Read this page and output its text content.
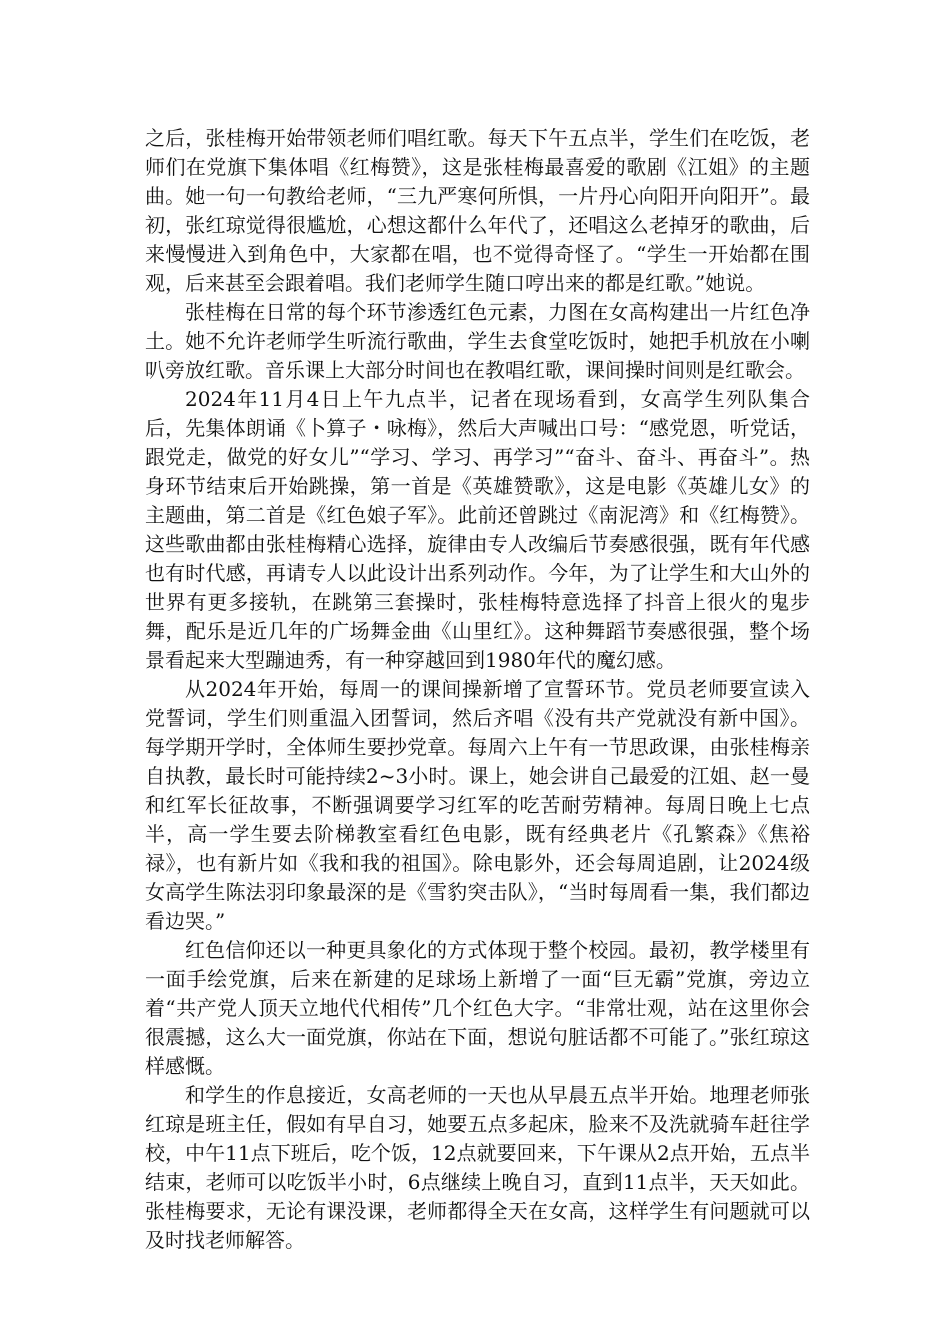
之后，张桂梅开始带领老师们唱红歌。每天下午五点半，学生们在吃饭，老师们在党旗下集体唱《红梅赞》，这是张桂梅最喜爱的歌剧《江姐》的主题曲。她一句一句教给老师，“三九严寒何所惧，一片丹心向阳开向阳开”。最初，张红琼觉得很尴尬，心想这都什么年代了，还唱这么老掉牙的歌曲，后来慢慢进入到角色中，大家都在唱，也不觉得奇怪了。“学生一开始都在围观，后来甚至会跟着唱。我们老师学生随口哼出来的都是红歌。”她说。

张桂梅在日常的每个环节渗透红色元素，力图在女高构建出一片红色净土。她不允许老师学生听流行歌曲，学生去食堂吃饭时，她把手机放在小喇叭旁放红歌。音乐课上大部分时间也在教唱红歌，课间操时间则是红歌会。

2024年11月4日上午九点半，记者在现场看到，女高学生列队集合后，先集体朗诵《卜算子・咏梅》，然后大声喊出口号：“感党恩，听党话，跟党走，做党的好女儿”“学习、学习、再学习”“奋斗、奋斗、再奋斗”。热身环节结束后开始跳操，第一首是《英雄赞歌》，这是电影《英雄儿女》的主题曲，第二首是《红色娘子军》。此前还曾跳过《南泥湾》和《红梅赞》。这些歌曲都由张桂梅精心选择，旋律由专人改编后节奏感很强，既有年代感也有时代感，再请专人以此设计出系列动作。今年，为了让学生和大山外的世界有更多接轨，在跳第三套操时，张桂梅特意选择了抖音上很火的鬼步舞，配乐是近几年的广场舞金曲《山里红》。这种舞蹈节奏感很强，整个场景看起来大型蹦迪秀，有一种穿越回到1980年代的魔幻感。

从2024年开始，每周一的课间操新增了宣誓环节。党员老师要宣读入党誓词，学生们则重温入团誓词，然后齐唱《没有共产党就没有新中国》。每学期开学时，全体师生要抄党章。每周六上午有一节思政课，由张桂梅亲自执教，最长时可能持续2~3小时。课上，她会讲自己最爱的江姐、赵一曼和红军长征故事，不断强调要学习红军的吃苦耐劳精神。每周日晚上七点半，高一学生要去阶梯教室看红色电影，既有经典老片《孔繁森》《焦裕禄》，也有新片如《我和我的祖国》。除电影外，还会每周追剧，让2024级女高学生陈法羽印象最深的是《雪豹突击队》，“当时每周看一集，我们都边看边哭。”

红色信仰还以一种更具象化的方式体现于整个校园。最初，教学楼里有一面手绘党旗，后来在新建的足球场上新增了一面“巨无霸”党旗，旁边立着“共产党人顶天立地代代相传”几个红色大字。“非常壮观，站在这里你会很震撼，这么大一面党旗，你站在下面，想说句脏话都不可能了。”张红琼这样感慨。

和学生的作息接近，女高老师的一天也从早晨五点半开始。地理老师张红琼是班主任，假如有早自习，她要五点多起床，脸来不及洗就骑车赶往学校，中午11点下班后，吃个饭，12点就要回来，下午课从2点开始，五点半结束，老师可以吃饭半小时，6点继续上晚自习，直到11点半，天天如此。张桂梅要求，无论有课没课，老师都得全天在女高，这样学生有问题就可以及时找老师解答。
